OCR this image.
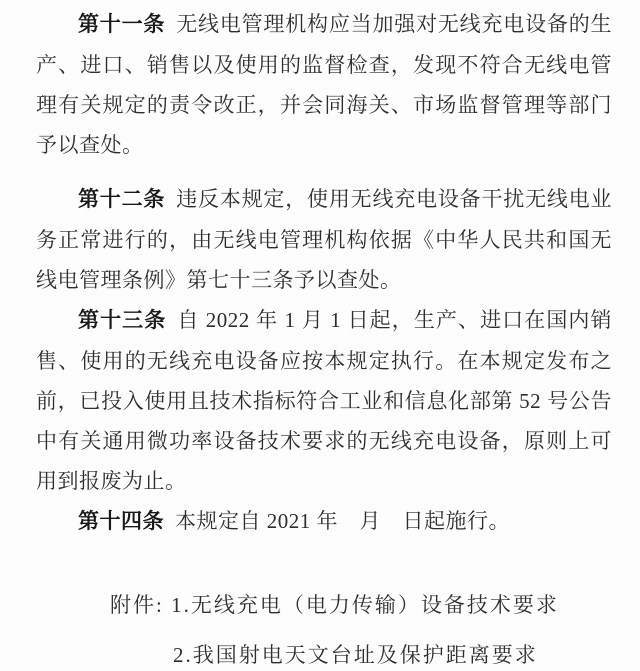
第十一条 无线电管理机构应当加强对无线充电设备的生产、进口、销售以及使用的监督检查，发现不符合无线电管理有关规定的责令改正，并会同海关、市场监督管理等部门予以查处。

第十二条 违反本规定，使用无线充电设备干扰无线电业务正常进行的，由无线电管理机构依据《中华人民共和国无线电管理条例》第七十三条予以查处。

第十三条 自 2022 年 1 月 1 日起，生产、进口在国内销售、使用的无线充电设备应按本规定执行。在本规定发布之前，已投入使用且技术指标符合工业和信息化部第 52 号公告中有关通用微功率设备技术要求的无线充电设备，原则上可用到报废为止。

第十四条 本规定自 2021 年　月　日起施行。

附件: 1.无线充电（电力传输）设备技术要求

2.我国射电天文台址及保护距离要求
